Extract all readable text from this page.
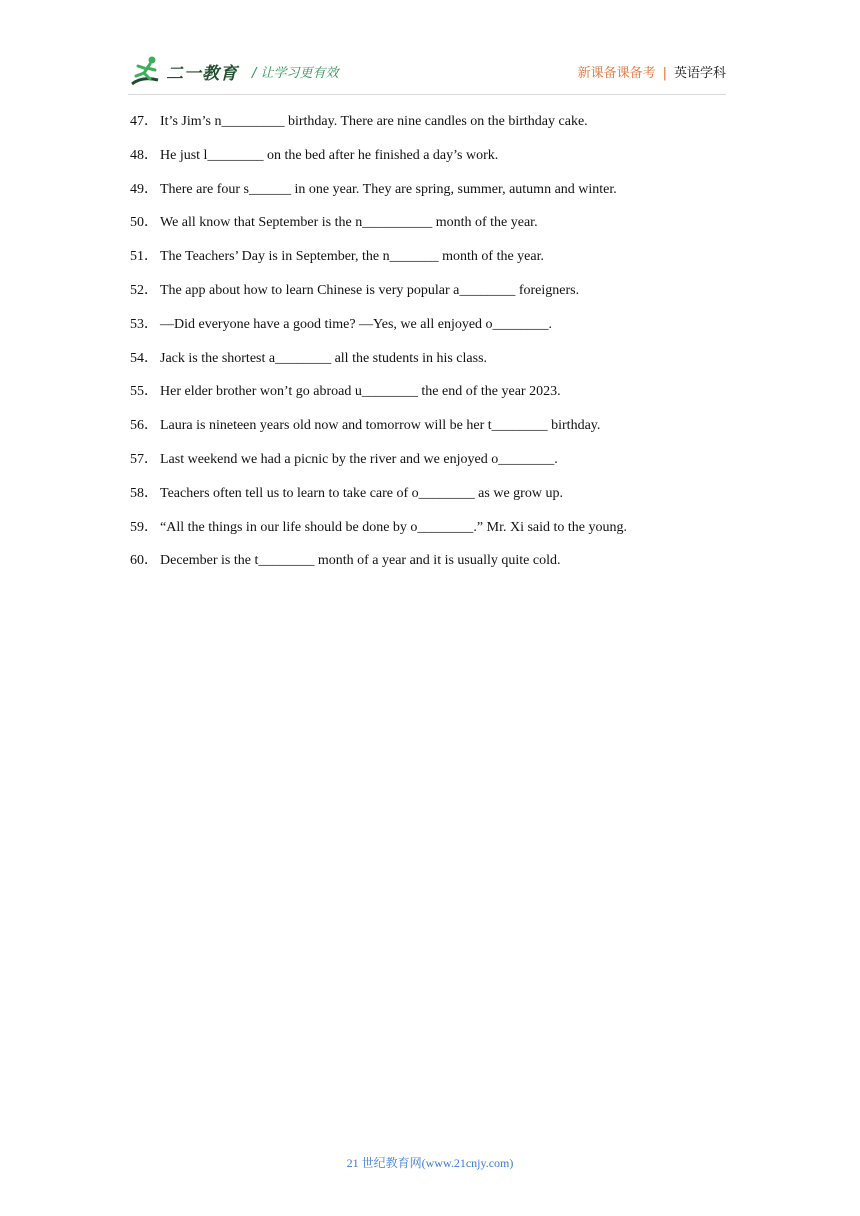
二一教育 / 让学习更有效	新课备课备考 | 英语学科
47． It’s Jim’s n_________ birthday. There are nine candles on the birthday cake.
48． He just l________ on the bed after he finished a day’s work.
49． There are four s______ in one year. They are spring, summer, autumn and winter.
50． We all know that September is the n__________ month of the year.
51． The Teachers’ Day is in September, the n_______ month of the year.
52． The app about how to learn Chinese is very popular a________ foreigners.
53． —Did everyone have a good time? —Yes, we all enjoyed o________.
54． Jack is the shortest a________ all the students in his class.
55． Her elder brother won’t go abroad u________ the end of the year 2023.
56． Laura is nineteen years old now and tomorrow will be her t________ birthday.
57． Last weekend we had a picnic by the river and we enjoyed o________.
58． Teachers often tell us to learn to take care of o________ as we grow up.
59． “All the things in our life should be done by o________.” Mr. Xi said to the young.
60． December is the t________ month of a year and it is usually quite cold.
21 世纪教育网(www.21cnjy.com)
